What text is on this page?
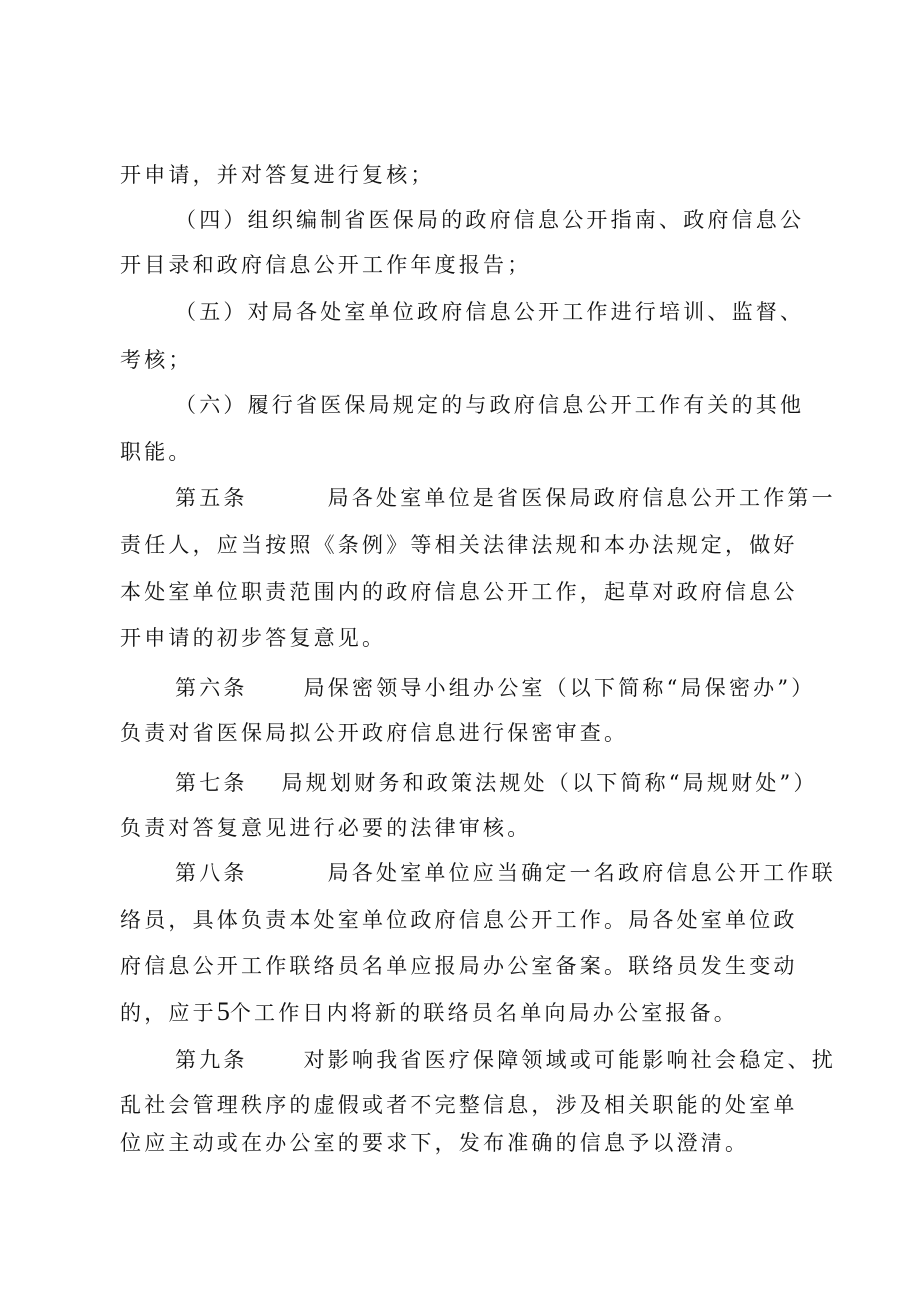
开申请，并对答复进行复核；
（四）组织编制省医保局的政府信息公开指南、政府信息公
开目录和政府信息公开工作年度报告；
（五）对局各处室单位政府信息公开工作进行培训、监督、
考核；
（六）履行省医保局规定的与政府信息公开工作有关的其他
职能。
第五条	局各处室单位是省医保局政府信息公开工作第一
责任人，应当按照《条例》等相关法律法规和本办法规定，做好
本处室单位职责范围内的政府信息公开工作，起草对政府信息公
开申请的初步答复意见。
第六条	局保密领导小组办公室（以下简称“局保密办”）
负责对省医保局拟公开政府信息进行保密审查。
第七条 局规划财务和政策法规处（以下简称“局规财处”）
负责对答复意见进行必要的法律审核。
第八条	局各处室单位应当确定一名政府信息公开工作联
络员，具体负责本处室单位政府信息公开工作。局各处室单位政
府信息公开工作联络员名单应报局办公室备案。联络员发生变动
的，应于5个工作日内将新的联络员名单向局办公室报备。
第九条	对影响我省医疗保障领域或可能影响社会稳定、扰
乱社会管理秩序的虚假或者不完整信息，涉及相关职能的处室单
位应主动或在办公室的要求下，发布准确的信息予以澄清。
